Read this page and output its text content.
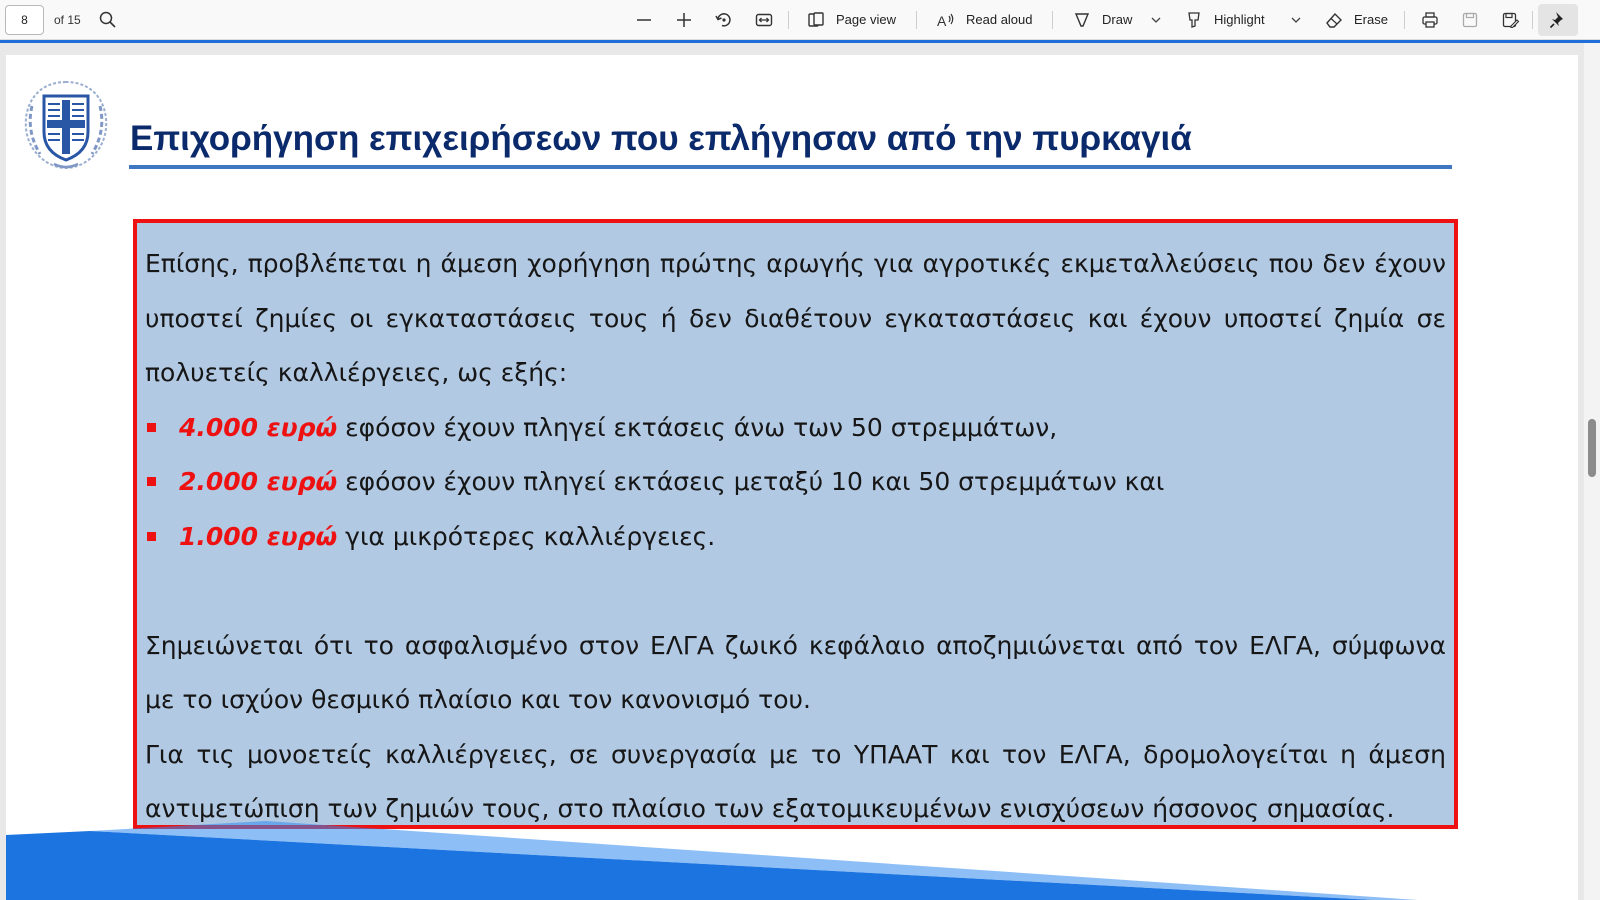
8
of 15	Page view	A Read aloud	Draw	Highlight	Erase
Επιχορήγηση επιχειρήσεων που επλήγησαν από την πυρκαγιά

Επίσης, προβλέπεται η άμεση χορήγηση πρώτης αρωγής για αγροτικές εκμεταλλεύσεις που δεν έχουν υποστεί ζημίες οι εγκαταστάσεις τους ή δεν διαθέτουν εγκαταστάσεις και έχουν υποστεί ζημία σε πολυετείς καλλιέργειες, ως εξής:

4.000 ευρώ εφόσον έχουν πληγεί εκτάσεις άνω των 50 στρεμμάτων,
2.000 ευρώ εφόσον έχουν πληγεί εκτάσεις μεταξύ 10 και 50 στρεμμάτων και
1.000 ευρώ για μικρότερες καλλιέργειες.

Σημειώνεται ότι το ασφαλισμένο στον ΕΛΓΑ ζωικό κεφάλαιο αποζημιώνεται από τον ΕΛΓΑ, σύμφωνα με το ισχύον θεσμικό πλαίσιο και τον κανονισμό του.

Για τις μονοετείς καλλιέργειες, σε συνεργασία με το ΥΠΑΑΤ και τον ΕΛΓΑ, δρομολογείται η άμεση αντιμετώπιση των ζημιών τους, στο πλαίσιο των εξατομικευμένων ενισχύσεων ήσσονος σημασίας.
